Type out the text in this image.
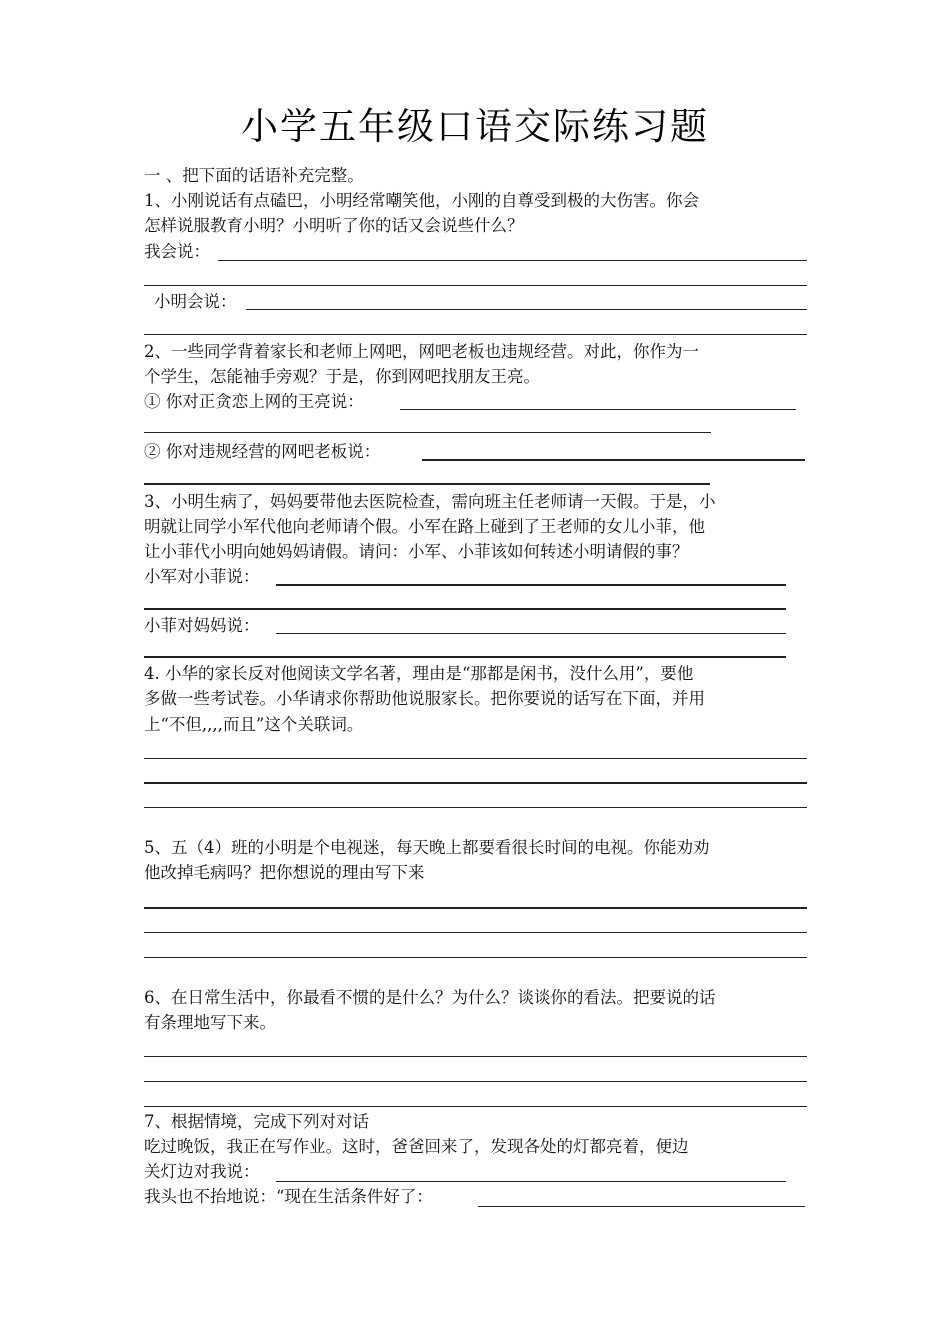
小学五年级口语交际练习题
一 、把下面的话语补充完整。
1、小刚说话有点磕巴，小明经常嘲笑他，小刚的自尊受到极的大伤害。你会
怎样说服教育小明？小明听了你的话又会说些什么？
我会说：
小明会说：
2、一些同学背着家长和老师上网吧，网吧老板也违规经营。对此，你作为一
个学生，怎能袖手旁观？于是，你到网吧找朋友王亮。
① 你对正贪恋上网的王亮说：
② 你对违规经营的网吧老板说：
3、小明生病了，妈妈要带他去医院检查，需向班主任老师请一天假。于是，小
明就让同学小军代他向老师请个假。小军在路上碰到了王老师的女儿小菲，他
让小菲代小明向她妈妈请假。请问：小军、小菲该如何转述小明请假的事？
小军对小菲说：
小菲对妈妈说：
4. 小华的家长反对他阅读文学名著，理由是“那都是闲书，没什么用”，要他
多做一些考试卷。小华请求你帮助他说服家长。把你要说的话写在下面，并用
上“不但,,,,而且”这个关联词。
5、五（4）班的小明是个电视迷，每天晚上都要看很长时间的电视。你能劝劝
他改掉毛病吗？把你想说的理由写下来
6、在日常生活中，你最看不惯的是什么？为什么？谈谈你的看法。把要说的话
有条理地写下来。
7、根据情境，完成下列对对话
吃过晚饭，我正在写作业。这时，爸爸回来了，发现各处的灯都亮着，便边
关灯边对我说：
我头也不抬地说：“现在生活条件好了：
